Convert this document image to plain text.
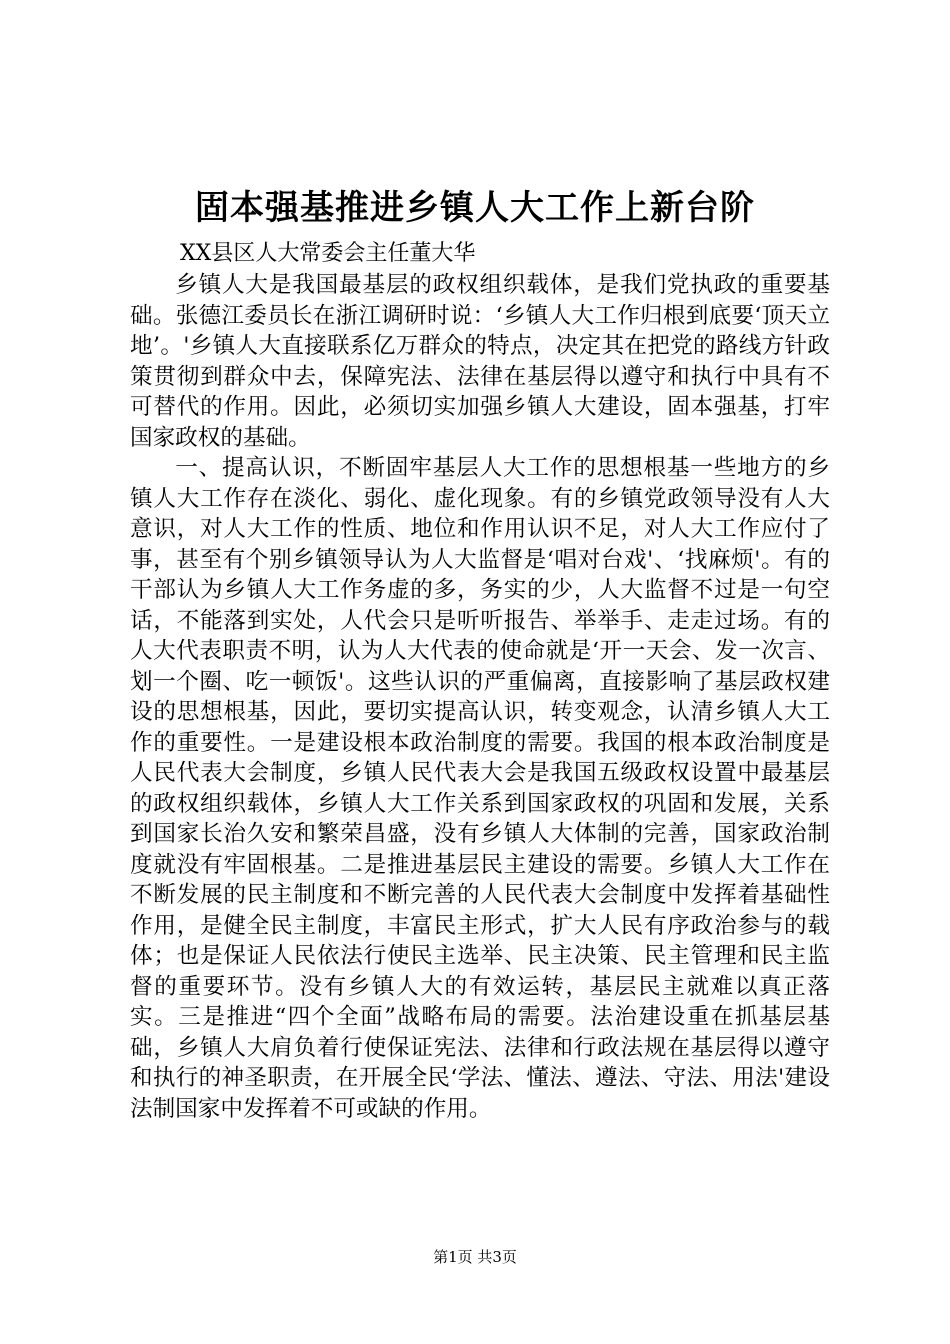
固本强基推进乡镇人大工作上新台阶

XX县区人大常委会主任董大华

乡镇人大是我国最基层的政权组织载体，是我们党执政的重要基础。张德江委员长在浙江调研时说：‘乡镇人大工作归根到底要‘顶天立地’。'乡镇人大直接联系亿万群众的特点，决定其在把党的路线方针政策贯彻到群众中去，保障宪法、法律在基层得以遵守和执行中具有不可替代的作用。因此，必须切实加强乡镇人大建设，固本强基，打牢国家政权的基础。

一、提高认识，不断固牢基层人大工作的思想根基一些地方的乡镇人大工作存在淡化、弱化、虚化现象。有的乡镇党政领导没有人大意识，对人大工作的性质、地位和作用认识不足，对人大工作应付了事，甚至有个别乡镇领导认为人大监督是‘唱对台戏'、‘找麻烦'。有的干部认为乡镇人大工作务虚的多，务实的少，人大监督不过是一句空话，不能落到实处，人代会只是听听报告、举举手、走走过场。有的人大代表职责不明，认为人大代表的使命就是‘开一天会、发一次言、划一个圈、吃一顿饭'。这些认识的严重偏离，直接影响了基层政权建设的思想根基，因此，要切实提高认识，转变观念，认清乡镇人大工作的重要性。一是建设根本政治制度的需要。我国的根本政治制度是人民代表大会制度，乡镇人民代表大会是我国五级政权设置中最基层的政权组织载体，乡镇人大工作关系到国家政权的巩固和发展，关系到国家长治久安和繁荣昌盛，没有乡镇人大体制的完善，国家政治制度就没有牢固根基。二是推进基层民主建设的需要。乡镇人大工作在不断发展的民主制度和不断完善的人民代表大会制度中发挥着基础性作用，是健全民主制度，丰富民主形式，扩大人民有序政治参与的载体；也是保证人民依法行使民主选举、民主决策、民主管理和民主监督的重要环节。没有乡镇人大的有效运转，基层民主就难以真正落实。三是推进“四个全面”战略布局的需要。法治建设重在抓基层基础，乡镇人大肩负着行使保证宪法、法律和行政法规在基层得以遵守和执行的神圣职责，在开展全民‘学法、懂法、遵法、守法、用法'建设法制国家中发挥着不可或缺的作用。

第1页 共3页
